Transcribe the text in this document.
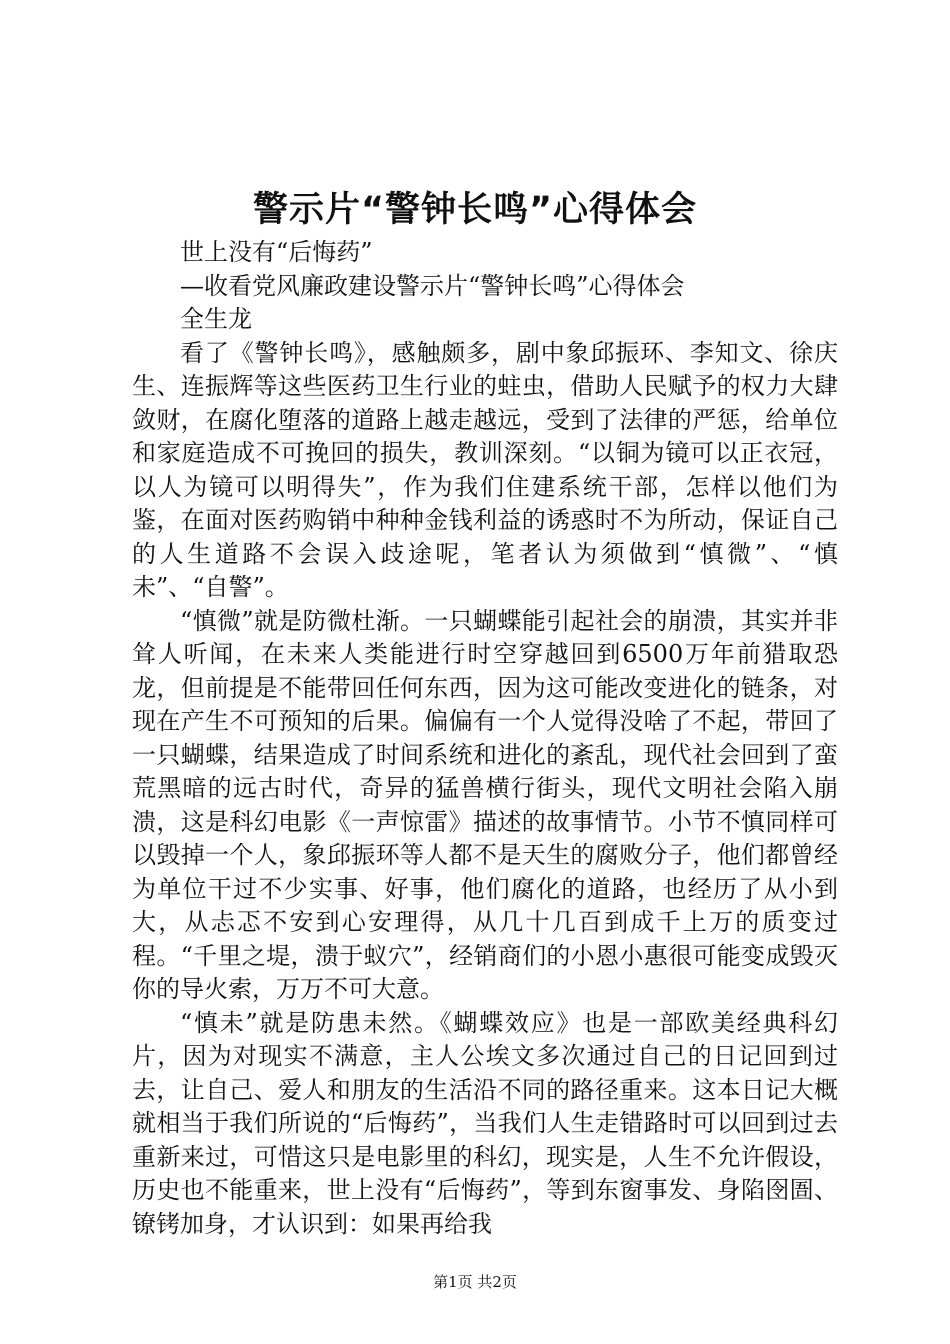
警示片“警钟长鸣”心得体会

世上没有“后悔药”

—收看党风廉政建设警示片“警钟长鸣”心得体会

全生龙

看了《警钟长鸣》，感触颇多，剧中象邱振环、李知文、徐庆生、连振辉等这些医药卫生行业的蛀虫，借助人民赋予的权力大肆敛财，在腐化堕落的道路上越走越远，受到了法律的严惩，给单位和家庭造成不可挽回的损失，教训深刻。“以铜为镜可以正衣冠，以人为镜可以明得失”，作为我们住建系统干部，怎样以他们为鉴，在面对医药购销中种种金钱利益的诱惑时不为所动，保证自己的人生道路不会误入歧途呢，笔者认为须做到“慎微”、“慎未”、“自警”。

“慎微”就是防微杜渐。一只蝴蝶能引起社会的崩溃，其实并非耸人听闻，在未来人类能进行时空穿越回到6500万年前猎取恐龙，但前提是不能带回任何东西，因为这可能改变进化的链条，对现在产生不可预知的后果。偏偏有一个人觉得没啥了不起，带回了一只蝴蝶，结果造成了时间系统和进化的紊乱，现代社会回到了蛮荒黑暗的远古时代，奇异的猛兽横行街头，现代文明社会陷入崩溃，这是科幻电影《一声惊雷》描述的故事情节。小节不慎同样可以毁掉一个人，象邱振环等人都不是天生的腐败分子，他们都曾经为单位干过不少实事、好事，他们腐化的道路，也经历了从小到大，从忐忑不安到心安理得，从几十几百到成千上万的质变过程。“千里之堤，溃于蚁穴”，经销商们的小恩小惠很可能变成毁灭你的导火索，万万不可大意。

“慎未”就是防患未然。《蝴蝶效应》也是一部欧美经典科幻片，因为对现实不满意，主人公埃文多次通过自己的日记回到过去，让自己、爱人和朋友的生活沿不同的路径重来。这本日记大概就相当于我们所说的“后悔药”，当我们人生走错路时可以回到过去重新来过，可惜这只是电影里的科幻，现实是，人生不允许假设，历史也不能重来，世上没有“后悔药”，等到东窗事发、身陷囹圄、镣铐加身，才认识到：如果再给我

第1页 共2页
